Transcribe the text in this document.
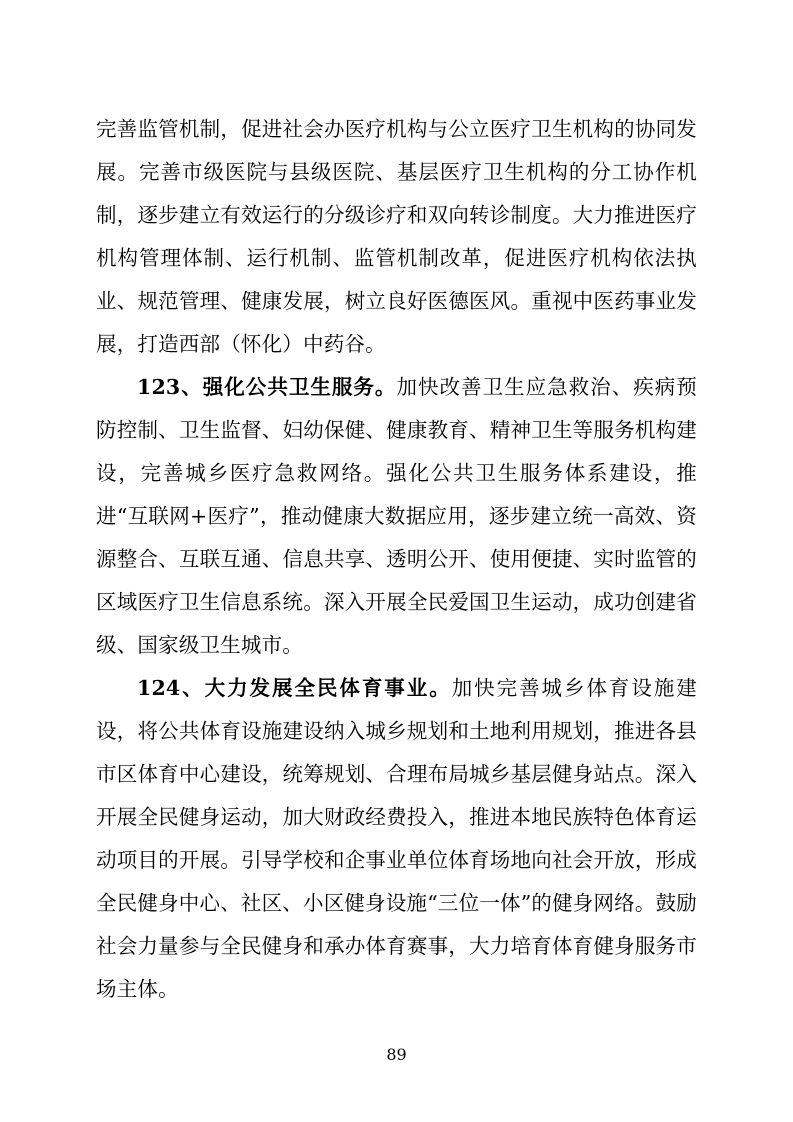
完善监管机制，促进社会办医疗机构与公立医疗卫生机构的协同发展。完善市级医院与县级医院、基层医疗卫生机构的分工协作机制，逐步建立有效运行的分级诊疗和双向转诊制度。大力推进医疗机构管理体制、运行机制、监管机制改革，促进医疗机构依法执业、规范管理、健康发展，树立良好医德医风。重视中医药事业发展，打造西部（怀化）中药谷。

123、强化公共卫生服务。加快改善卫生应急救治、疾病预防控制、卫生监督、妇幼保健、健康教育、精神卫生等服务机构建设，完善城乡医疗急救网络。强化公共卫生服务体系建设，推进“互联网+医疗”，推动健康大数据应用，逐步建立统一高效、资源整合、互联互通、信息共享、透明公开、使用便捷、实时监管的区域医疗卫生信息系统。深入开展全民爱国卫生运动，成功创建省级、国家级卫生城市。

124、大力发展全民体育事业。加快完善城乡体育设施建设，将公共体育设施建设纳入城乡规划和土地利用规划，推进各县市区体育中心建设，统筹规划、合理布局城乡基层健身站点。深入开展全民健身运动，加大财政经费投入，推进本地民族特色体育运动项目的开展。引导学校和企事业单位体育场地向社会开放，形成全民健身中心、社区、小区健身设施“三位一体”的健身网络。鼓励社会力量参与全民健身和承办体育赛事，大力培育体育健身服务市场主体。

89
